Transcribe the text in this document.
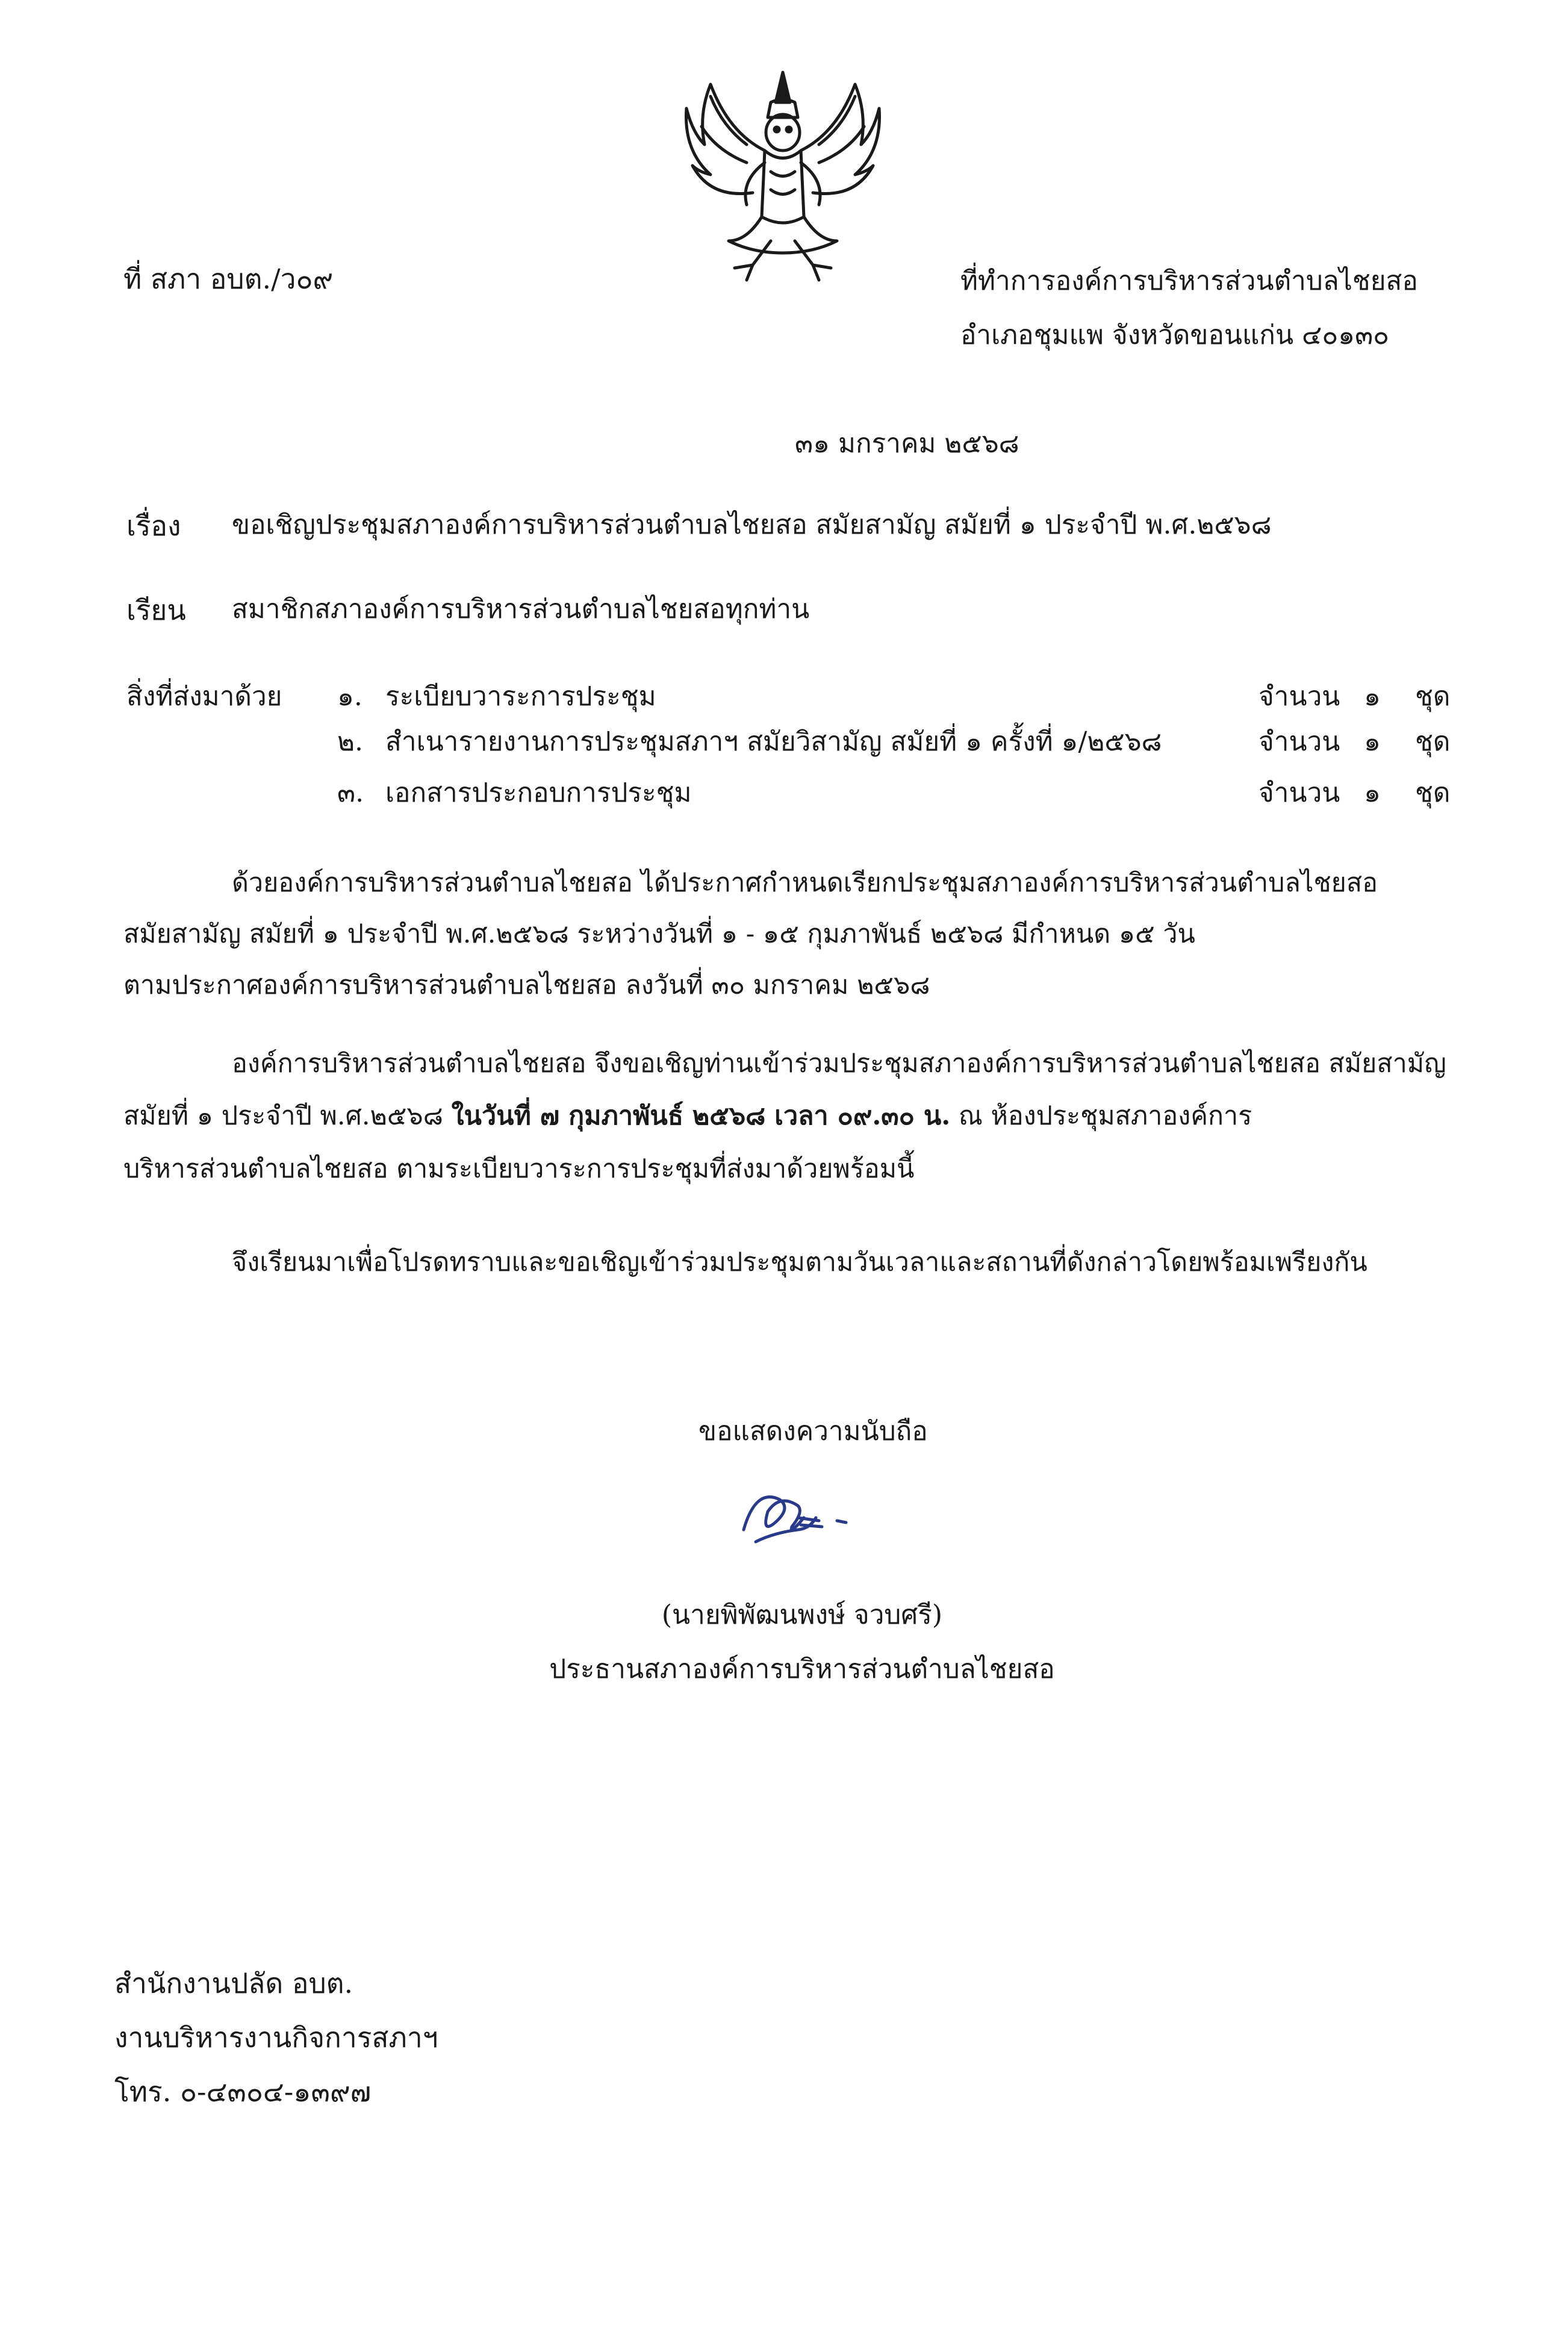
ที่ สภา อบต./ว๐๙	ที่ทำการองค์การบริหารส่วนตำบลไชยสอ
อำเภอชุมแพ จังหวัดขอนแก่น ๔๐๑๓๐
๓๑ มกราคม ๒๕๖๘
เรื่อง ขอเชิญประชุมสภาองค์การบริหารส่วนตำบลไชยสอ สมัยสามัญ สมัยที่ ๑ ประจำปี พ.ศ.๒๕๖๘
เรียน สมาชิกสภาองค์การบริหารส่วนตำบลไชยสอทุกท่าน
สิ่งที่ส่งมาด้วย ๑. ระเบียบวาระการประชุม	จำนวน ๑ ชุด
๒. สำเนารายงานการประชุมสภาฯ สมัยวิสามัญ สมัยที่ ๑ ครั้งที่ ๑/๒๕๖๘	จำนวน ๑ ชุด
๓. เอกสารประกอบการประชุม	จำนวน ๑ ชุด
ด้วยองค์การบริหารส่วนตำบลไชยสอ ได้ประกาศกำหนดเรียกประชุมสภาองค์การบริหารส่วนตำบลไชยสอ
สมัยสามัญ สมัยที่ ๑ ประจำปี พ.ศ.๒๕๖๘ ระหว่างวันที่ ๑ - ๑๕ กุมภาพันธ์ ๒๕๖๘ มีกำหนด ๑๕ วัน
ตามประกาศองค์การบริหารส่วนตำบลไชยสอ ลงวันที่ ๓๐ มกราคม ๒๕๖๘
องค์การบริหารส่วนตำบลไชยสอ จึงขอเชิญท่านเข้าร่วมประชุมสภาองค์การบริหารส่วนตำบลไชยสอ สมัยสามัญ
สมัยที่ ๑ ประจำปี พ.ศ.๒๕๖๘ ในวันที่ ๗ กุมภาพันธ์ ๒๕๖๘ เวลา ๐๙.๓๐ น. ณ ห้องประชุมสภาองค์การ
บริหารส่วนตำบลไชยสอ ตามระเบียบวาระการประชุมที่ส่งมาด้วยพร้อมนี้
จึงเรียนมาเพื่อโปรดทราบและขอเชิญเข้าร่วมประชุมตามวันเวลาและสถานที่ดังกล่าวโดยพร้อมเพรียงกัน
ขอแสดงความนับถือ
(นายพิพัฒนพงษ์ จวบศรี)
ประธานสภาองค์การบริหารส่วนตำบลไชยสอ
สำนักงานปลัด อบต.
งานบริหารงานกิจการสภาฯ
โทร. ๐-๔๓๐๔-๑๓๙๗
